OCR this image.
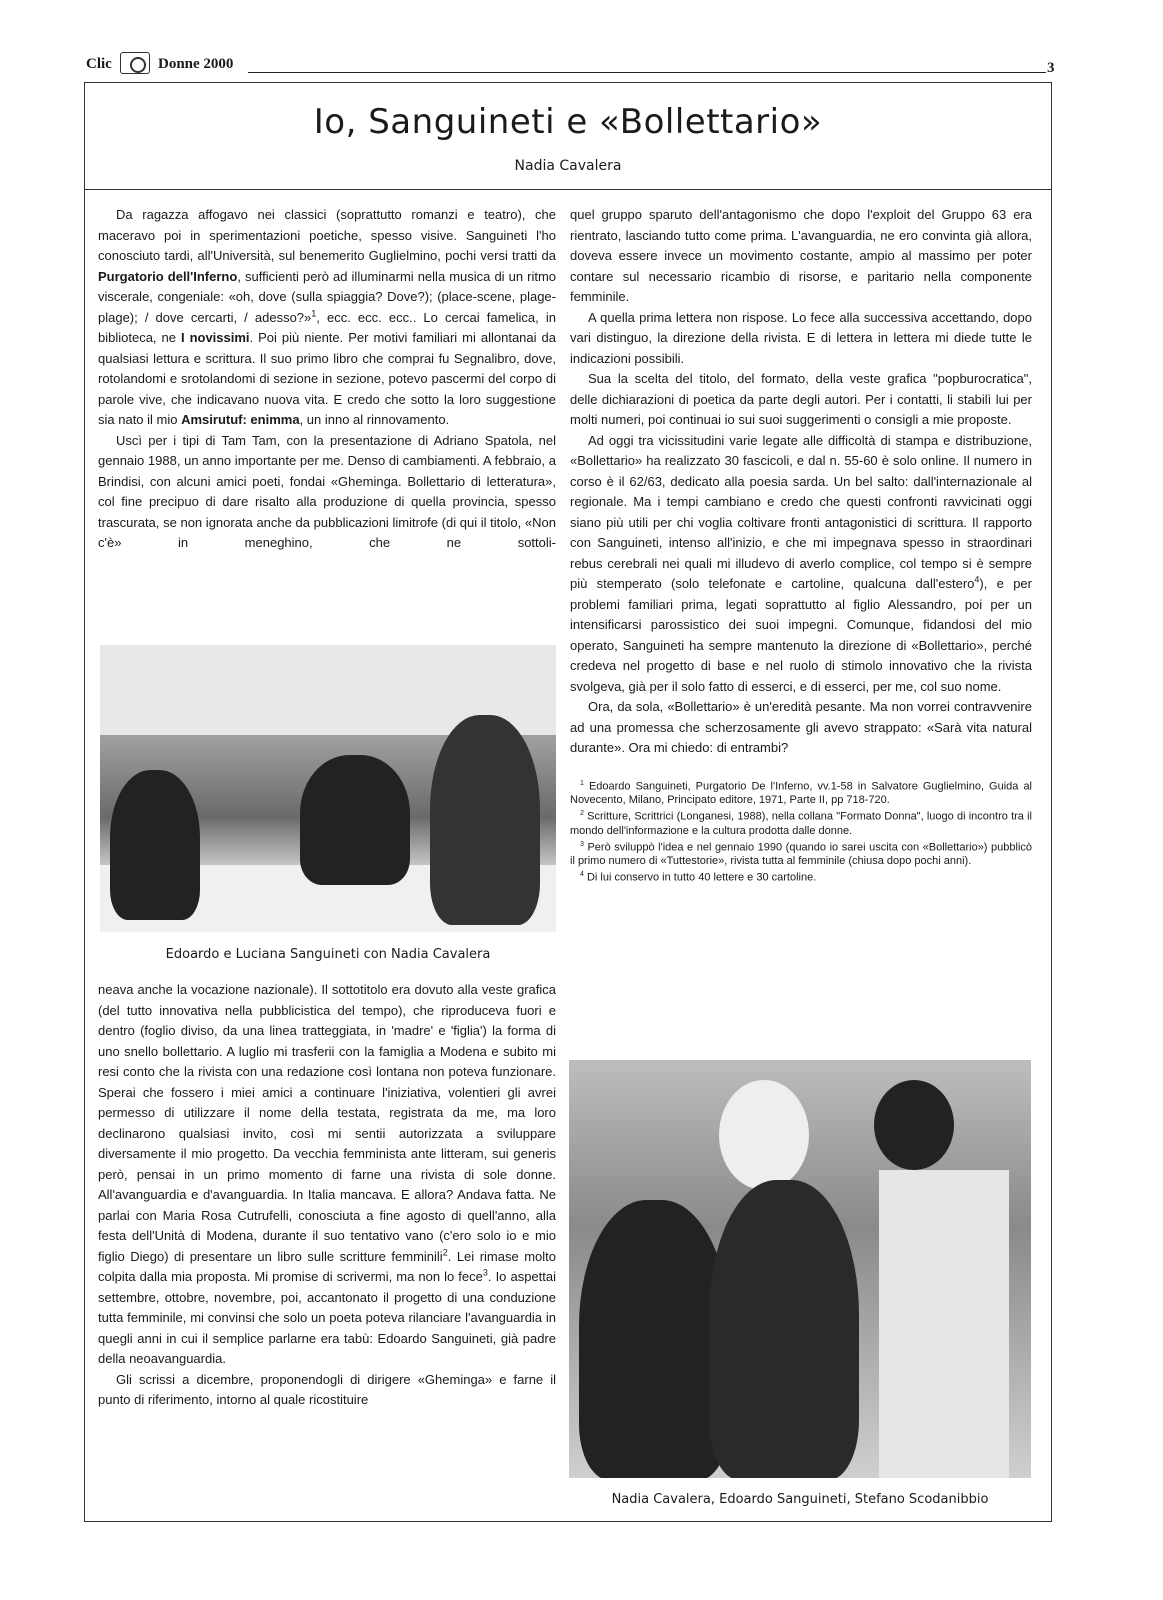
Clic	Donne 2000	3
Io, Sanguineti e «Bollettario»
Nadia Cavalera

Da ragazza affogavo nei classici (soprattutto romanzi e teatro), che maceravo poi in sperimentazioni poetiche, spesso visive. Sanguineti l'ho conosciuto tardi, all'Università, sul benemerito Guglielmino, pochi versi tratti da Purgatorio dell'Inferno, sufficienti però ad illuminarmi nella musica di un ritmo viscerale, congeniale: «oh, dove (sulla spiaggia? Dove?); (place-scene, plage-plage); / dove cercarti, / adesso?»$^1$, ecc. ecc. ecc.. Lo cercai famelica, in biblioteca, ne I novissimi. Poi più niente. Per motivi familiari mi allontanai da qualsiasi lettura e scrittura. Il suo primo libro che comprai fu Segnalibro, dove, rotolandomi e srotolandomi di sezione in sezione, potevo pascermi del corpo di parole vive, che indicavano nuova vita. E credo che sotto la loro suggestione sia nato il mio Amsirutuf: enimma, un inno al rinnovamento.

Uscì per i tipi di Tam Tam, con la presentazione di Adriano Spatola, nel gennaio 1988, un anno importante per me. Denso di cambiamenti. A febbraio, a Brindisi, con alcuni amici poeti, fondai «Gheminga. Bollettario di letteratura», col fine precipuo di dare risalto alla produzione di quella provincia, spesso trascurata, se non ignorata anche da pubblicazioni limitrofe (di qui il titolo, «Non c'è» in meneghino, che ne sottoli-

Edoardo e Luciana Sanguineti con Nadia Cavalera

neava anche la vocazione nazionale). Il sottotitolo era dovuto alla veste grafica (del tutto innovativa nella pubblicistica del tempo), che riproduceva fuori e dentro (foglio diviso, da una linea tratteggiata, in 'madre' e 'figlia') la forma di uno snello bollettario. A luglio mi trasferii con la famiglia a Modena e subito mi resi conto che la rivista con una redazione così lontana non poteva funzionare. Sperai che fossero i miei amici a continuare l'iniziativa, volentieri gli avrei permesso di utilizzare il nome della testata, registrata da me, ma loro declinarono qualsiasi invito, così mi sentii autorizzata a sviluppare diversamente il mio progetto. Da vecchia femminista ante litteram, sui generis però, pensai in un primo momento di farne una rivista di sole donne. All'avanguardia e d'avanguardia. In Italia mancava. E allora? Andava fatta. Ne parlai con Maria Rosa Cutrufelli, conosciuta a fine agosto di quell'anno, alla festa dell'Unità di Modena, durante il suo tentativo vano (c'ero solo io e mio figlio Diego) di presentare un libro sulle scritture femminili$^2$. Lei rimase molto colpita dalla mia proposta. Mi promise di scrivermi, ma non lo fece$^3$. Io aspettai settembre, ottobre, novembre, poi, accantonato il progetto di una conduzione tutta femminile, mi convinsi che solo un poeta poteva rilanciare l'avanguardia in quegli anni in cui il semplice parlarne era tabù: Edoardo Sanguineti, già padre della neoavanguardia.

Gli scrissi a dicembre, proponendogli di dirigere «Gheminga» e farne il punto di riferimento, intorno al quale ricostituire

quel gruppo sparuto dell'antagonismo che dopo l'exploit del Gruppo 63 era rientrato, lasciando tutto come prima. L'avanguardia, ne ero convinta già allora, doveva essere invece un movimento costante, ampio al massimo per poter contare sul necessario ricambio di risorse, e paritario nella componente femminile.

A quella prima lettera non rispose. Lo fece alla successiva accettando, dopo vari distinguo, la direzione della rivista. E di lettera in lettera mi diede tutte le indicazioni possibili.

Sua la scelta del titolo, del formato, della veste grafica "popburocratica", delle dichiarazioni di poetica da parte degli autori. Per i contatti, li stabilì lui per molti numeri, poi continuai io sui suoi suggerimenti o consigli a mie proposte.

Ad oggi tra vicissitudini varie legate alle difficoltà di stampa e distribuzione, «Bollettario» ha realizzato 30 fascicoli, e dal n. 55-60 è solo online. Il numero in corso è il 62/63, dedicato alla poesia sarda. Un bel salto: dall'internazionale al regionale. Ma i tempi cambiano e credo che questi confronti ravvicinati oggi siano più utili per chi voglia coltivare fronti antagonistici di scrittura. Il rapporto con Sanguineti, intenso all'inizio, e che mi impegnava spesso in straordinari rebus cerebrali nei quali mi illudevo di averlo complice, col tempo si è sempre più stemperato (solo telefonate e cartoline, qualcuna dall'estero$^4$), e per problemi familiari prima, legati soprattutto al figlio Alessandro, poi per un intensificarsi parossistico dei suoi impegni. Comunque, fidandosi del mio operato, Sanguineti ha sempre mantenuto la direzione di «Bollettario», perché credeva nel progetto di base e nel ruolo di stimolo innovativo che la rivista svolgeva, già per il solo fatto di esserci, e di esserci, per me, col suo nome.

Ora, da sola, «Bollettario» è un'eredità pesante. Ma non vorrei contravvenire ad una promessa che scherzosamente gli avevo strappato: «Sarà vita natural durante». Ora mi chiedo: di entrambi?

$^1$ Edoardo Sanguineti, Purgatorio De l'Inferno, vv.1-58 in Salvatore Guglielmino, Guida al Novecento, Milano, Principato editore, 1971, Parte II, pp 718-720.

$^2$ Scritture, Scrittrici (Longanesi, 1988), nella collana "Formato Donna", luogo di incontro tra il mondo dell'informazione e la cultura prodotta dalle donne.

$^3$ Però sviluppò l'idea e nel gennaio 1990 (quando io sarei uscita con «Bollettario») pubblicò il primo numero di «Tuttestorie», rivista tutta al femminile (chiusa dopo pochi anni).

$^4$ Di lui conservo in tutto 40 lettere e 30 cartoline.

Nadia Cavalera, Edoardo Sanguineti, Stefano Scodanibbio
